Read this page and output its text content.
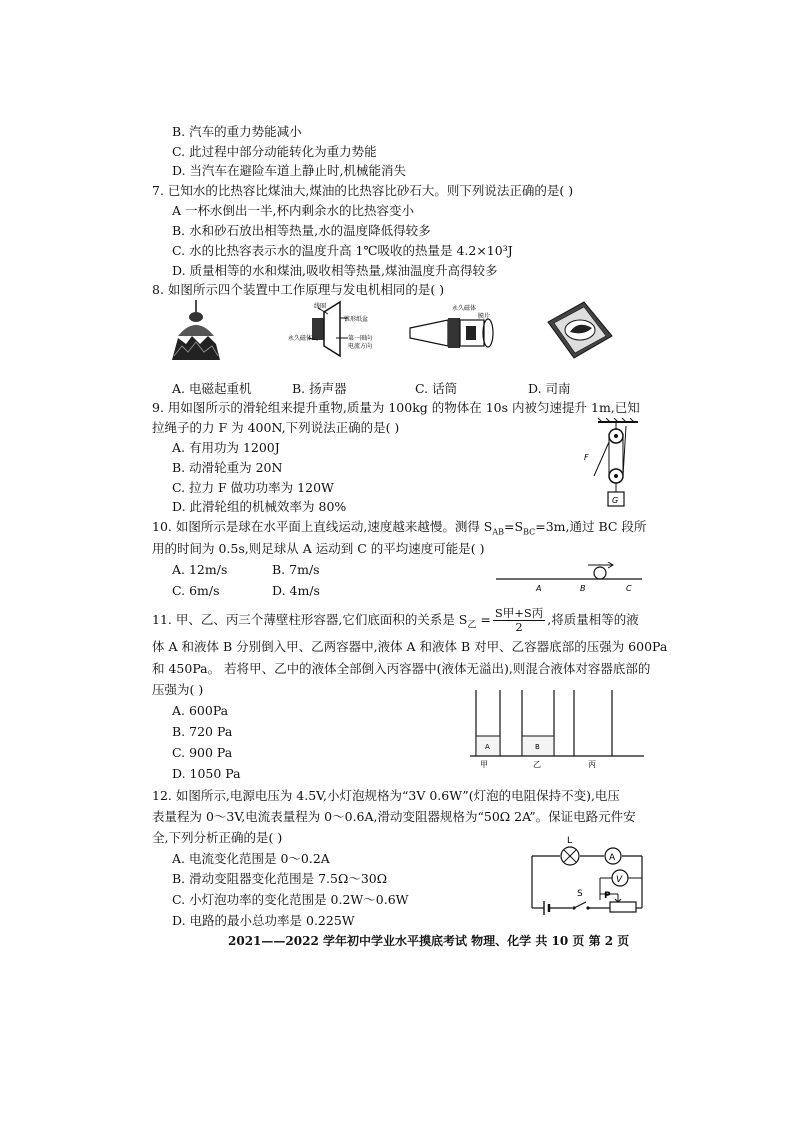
B. 汽车的重力势能减小
C. 此过程中部分动能转化为重力势能
D. 当汽车在避险车道上静止时,机械能消失
7. 已知水的比热容比煤油大,煤油的比热容比砂石大。则下列说法正确的是( )
A 一杯水倒出一半,杯内剩余水的比热容变小
B. 水和砂石放出相等热量,水的温度降低得较多
C. 水的比热容表示水的温度升高 1℃吸收的热量是 4.2×10³J
D. 质量相等的水和煤油,吸收相等热量,煤油温度升高得较多
8. 如图所示四个装置中工作原理与发电机相同的是( )
线圈
锥形纸盆
永久磁体	第一圈向
电流方向
永久磁体
膜片
A. 电磁起重机	B. 扬声器	C. 话筒	D. 司南
9. 用如图所示的滑轮组来提升重物,质量为 100kg 的物体在 10s 内被匀速提升 1m,已知
拉绳子的力 F 为 400N,下列说法正确的是( )
A. 有用功为 1200J
B. 动滑轮重为 20N
C. 拉力 F 做功功率为 120W
D. 此滑轮组的机械效率为 80%
F
G
10. 如图所示是球在水平面上直线运动,速度越来越慢。测得 $S_{AB}=S_{BC}=3m$,通过 BC 段所
用的时间为 0.5s,则足球从 A 运动到 C 的平均速度可能是( )
A. 12m/s	B. 7m/s
C. 6m/s	D. 4m/s	A	B	C
11. 甲、乙、丙三个薄壁柱形容器,它们底面积的关系是 $S_乙 = \frac{\text{S甲+S丙}}{2}$ ,将质量相等的液
体 A 和液体 B 分别倒入甲、乙两容器中,液体 A 和液体 B 对甲、乙容器底部的压强为 600Pa
和 450Pa。 若将甲、乙中的液体全部倒入丙容器中(液体无溢出),则混合液体对容器底部的
压强为( )
A. 600Pa
B. 720 Pa
C. 900 Pa
D. 1050 Pa
A	B
甲	乙	丙
12. 如图所示,电源电压为 4.5V,小灯泡规格为“3V 0.6W”(灯泡的电阻保持不变),电压
表量程为 0～3V,电流表量程为 0～0.6A,滑动变阻器规格为“50Ω 2A”。保证电路元件安
全,下列分析正确的是( )
A. 电流变化范围是 0～0.2A
B. 滑动变阻器变化范围是 7.5Ω～30Ω
C. 小灯泡功率的变化范围是 0.2W～0.6W
D. 电路的最小总功率是 0.225W
L
A
V
S P
2021——2022 学年初中学业水平摸底考试 物理、化学 共 10 页 第 2 页
